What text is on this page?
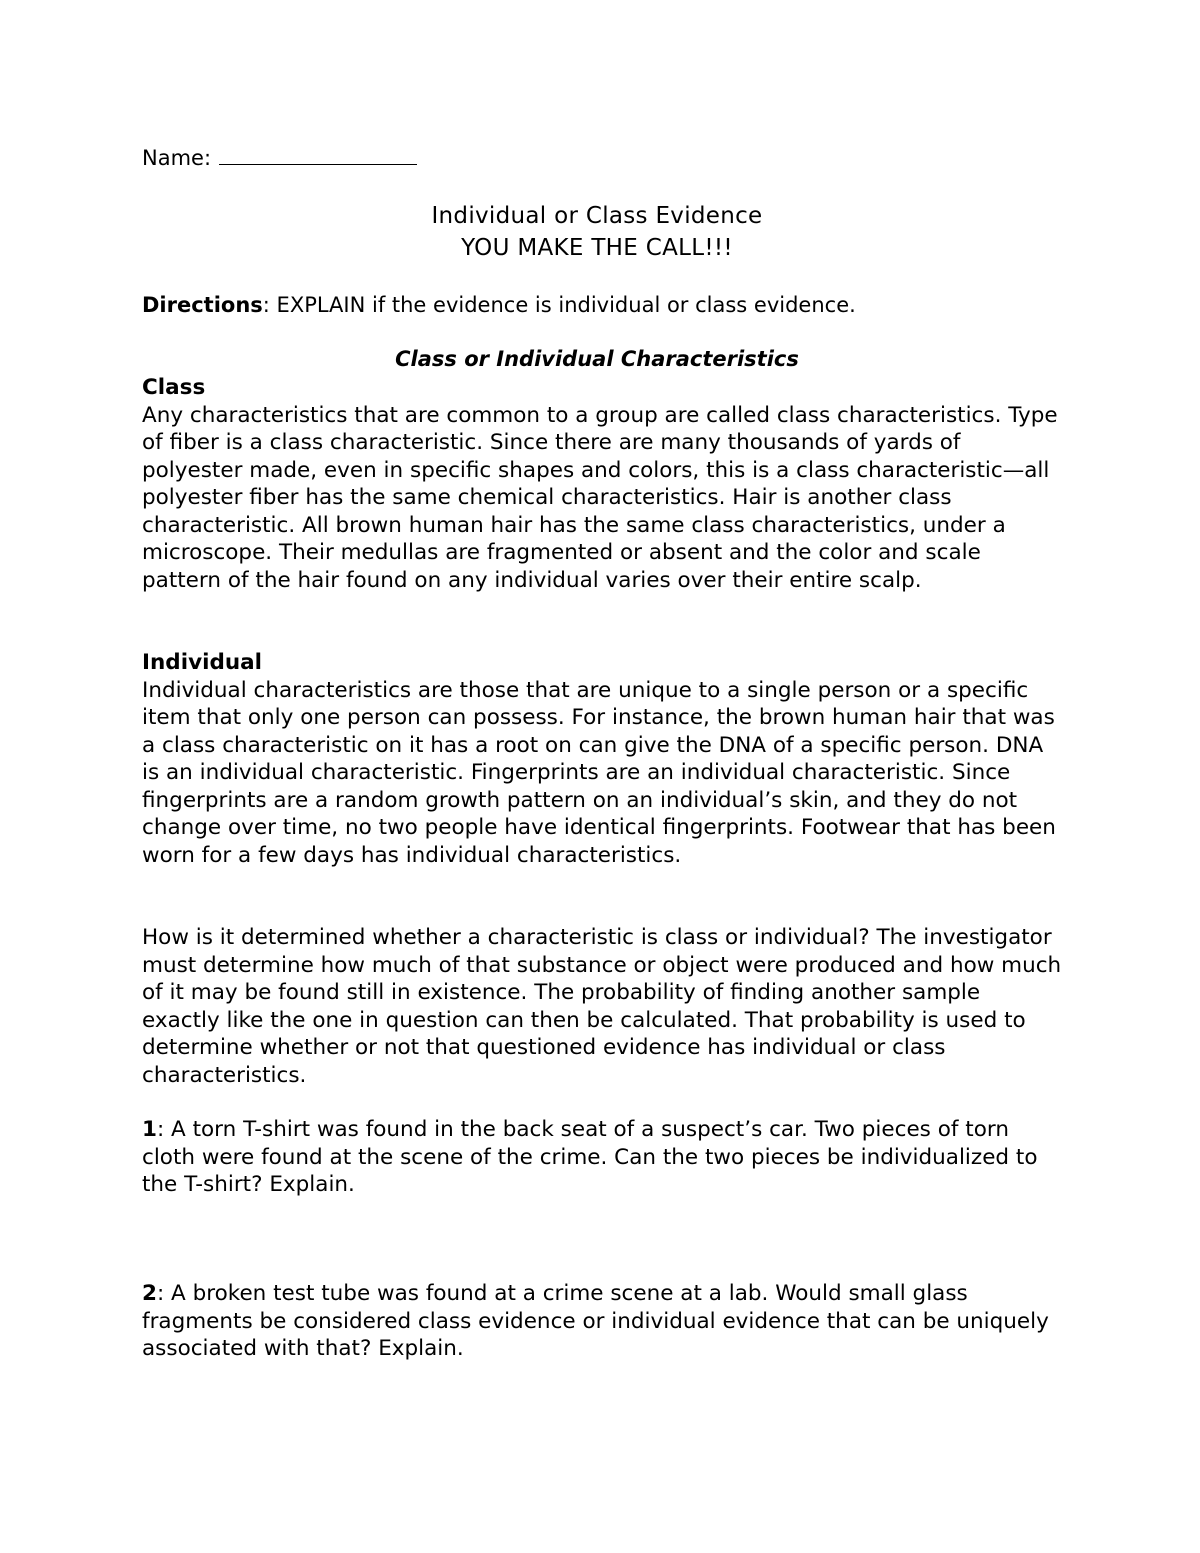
Name:
Individual or Class Evidence
YOU MAKE THE CALL!!!
Directions: EXPLAIN if the evidence is individual or class evidence.
Class or Individual Characteristics

Class

Any characteristics that are common to a group are called class characteristics. Type of fiber is a class characteristic. Since there are many thousands of yards of polyester made, even in specific shapes and colors, this is a class characteristic—all polyester fiber has the same chemical characteristics. Hair is another class characteristic. All brown human hair has the same class characteristics, under a microscope. Their medullas are fragmented or absent and the color and scale pattern of the hair found on any individual varies over their entire scalp.

Individual

Individual characteristics are those that are unique to a single person or a specific item that only one person can possess. For instance, the brown human hair that was a class characteristic on it has a root on can give the DNA of a specific person. DNA is an individual characteristic. Fingerprints are an individual characteristic. Since fingerprints are a random growth pattern on an individual’s skin, and they do not change over time, no two people have identical fingerprints. Footwear that has been worn for a few days has individual characteristics.

How is it determined whether a characteristic is class or individual? The investigator must determine how much of that substance or object were produced and how much of it may be found still in existence. The probability of finding another sample exactly like the one in question can then be calculated. That probability is used to determine whether or not that questioned evidence has individual or class characteristics.

1: A torn T-shirt was found in the back seat of a suspect’s car. Two pieces of torn cloth were found at the scene of the crime. Can the two pieces be individualized to the T-shirt? Explain.

2: A broken test tube was found at a crime scene at a lab. Would small glass fragments be considered class evidence or individual evidence that can be uniquely associated with that? Explain.
